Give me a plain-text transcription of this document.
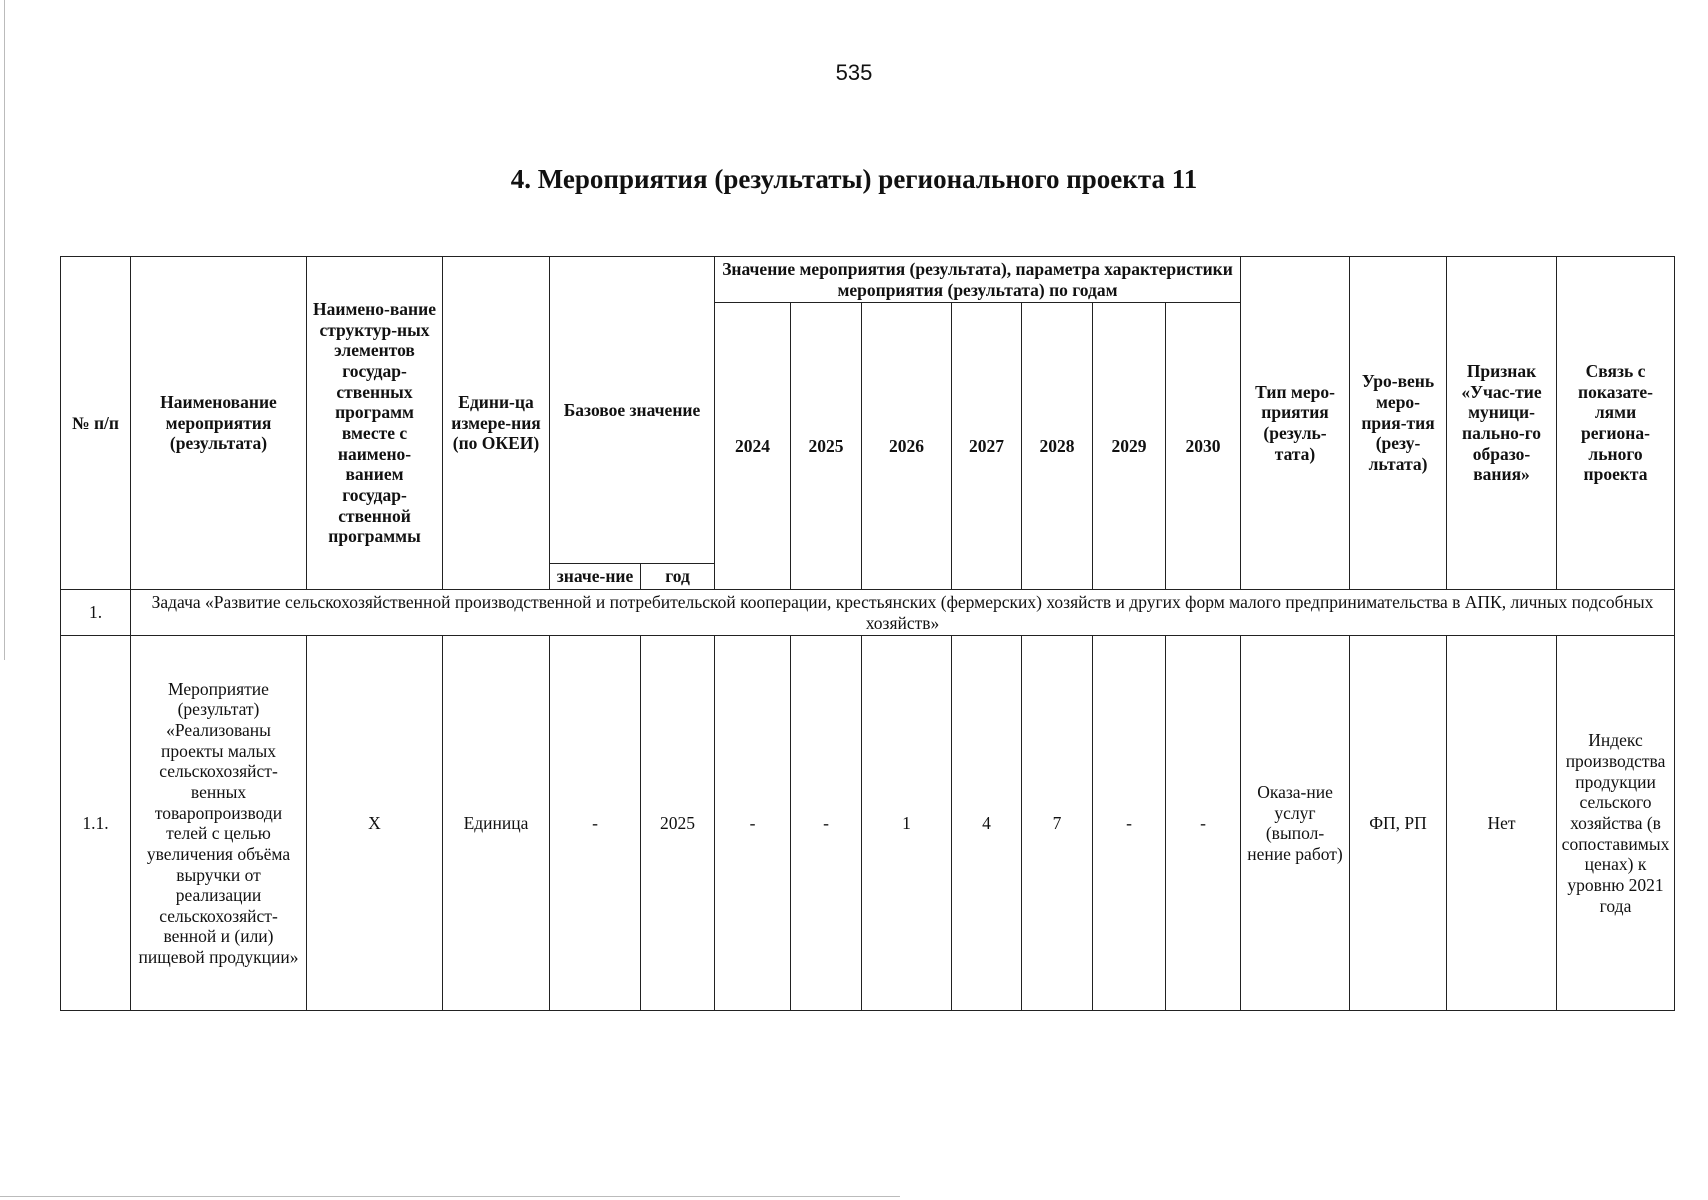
535
4. Мероприятия (результаты) регионального проекта 11
№ п/п	Наименование мероприятия (результата)	Наимено-вание структур-ных элементов государ-ственных программ вместе с наимено-ванием государ-ственной программы	Едини-ца измере-ния (по ОКЕИ)	Базовое значение		Значение мероприятия (результата), параметра характеристики мероприятия (результата) по годам							Тип меро-приятия (резуль-тата)	Уро-вень меро-прия-тия (резу-льтата)	Признак «Учас-тие муници-пально-го образо-вания»	Связь с показате-лями региона-льного проекта
						2024	2025	2026	2027	2028	2029	2030				
				значе-ние	год											
1.	Задача «Развитие сельскохозяйственной производственной и потребительской кооперации, крестьянских (фермерских) хозяйств и других форм малого предпринимательства в АПК, личных подсобных хозяйств»															
1.1.	Мероприятие (результат) «Реализованы проекты малых сельскохозяйст-венных товаропроизводи телей с целью увеличения объёма выручки от реализации сельскохозяйст-венной и (или) пищевой продукции»	X	Единица	-	2025	-	-	1	4	7	-	-	Оказа-ние услуг (выпол-нение работ)	ФП, РП	Нет	Индекс производства продукции сельского хозяйства (в сопоставимых ценах) к уровню 2021 года
